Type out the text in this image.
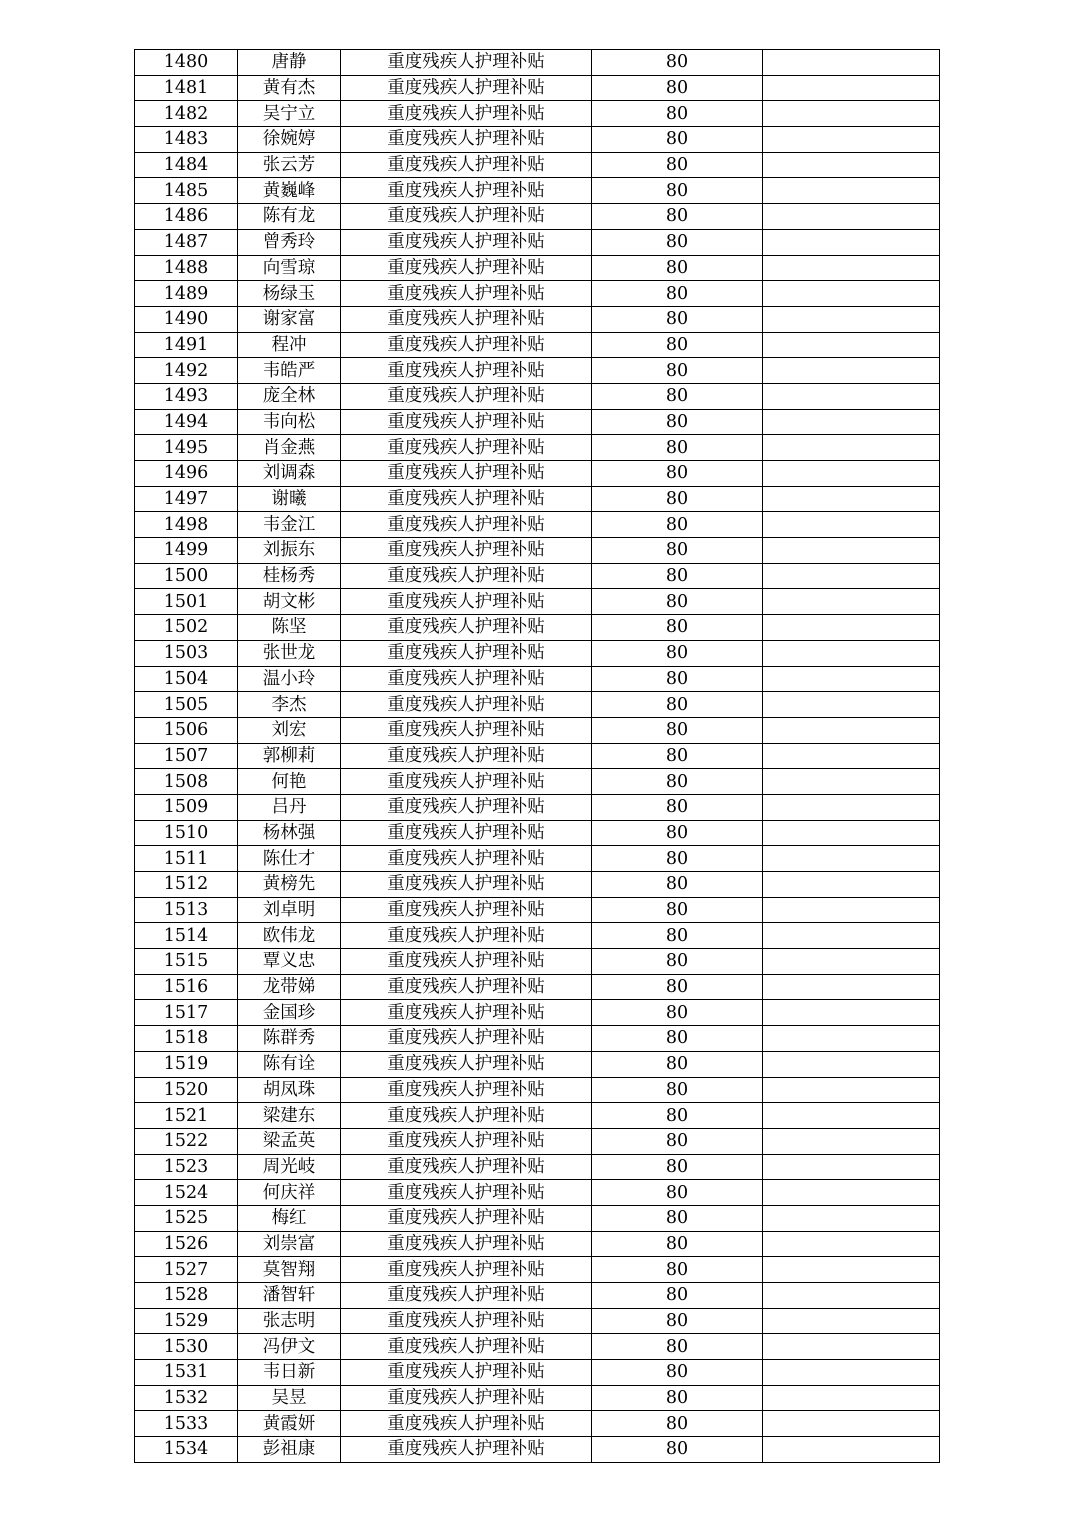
1480	唐静	重度残疾人护理补贴	80	
1481	黄有杰	重度残疾人护理补贴	80	
1482	吴宁立	重度残疾人护理补贴	80	
1483	徐婉婷	重度残疾人护理补贴	80	
1484	张云芳	重度残疾人护理补贴	80	
1485	黄巍峰	重度残疾人护理补贴	80	
1486	陈有龙	重度残疾人护理补贴	80	
1487	曾秀玲	重度残疾人护理补贴	80	
1488	向雪琼	重度残疾人护理补贴	80	
1489	杨绿玉	重度残疾人护理补贴	80	
1490	谢家富	重度残疾人护理补贴	80	
1491	程冲	重度残疾人护理补贴	80	
1492	韦皓严	重度残疾人护理补贴	80	
1493	庞全林	重度残疾人护理补贴	80	
1494	韦向松	重度残疾人护理补贴	80	
1495	肖金燕	重度残疾人护理补贴	80	
1496	刘调森	重度残疾人护理补贴	80	
1497	谢曦	重度残疾人护理补贴	80	
1498	韦金江	重度残疾人护理补贴	80	
1499	刘振东	重度残疾人护理补贴	80	
1500	桂杨秀	重度残疾人护理补贴	80	
1501	胡文彬	重度残疾人护理补贴	80	
1502	陈坚	重度残疾人护理补贴	80	
1503	张世龙	重度残疾人护理补贴	80	
1504	温小玲	重度残疾人护理补贴	80	
1505	李杰	重度残疾人护理补贴	80	
1506	刘宏	重度残疾人护理补贴	80	
1507	郭柳莉	重度残疾人护理补贴	80	
1508	何艳	重度残疾人护理补贴	80	
1509	吕丹	重度残疾人护理补贴	80	
1510	杨林强	重度残疾人护理补贴	80	
1511	陈仕才	重度残疾人护理补贴	80	
1512	黄榜先	重度残疾人护理补贴	80	
1513	刘卓明	重度残疾人护理补贴	80	
1514	欧伟龙	重度残疾人护理补贴	80	
1515	覃义忠	重度残疾人护理补贴	80	
1516	龙带娣	重度残疾人护理补贴	80	
1517	金国珍	重度残疾人护理补贴	80	
1518	陈群秀	重度残疾人护理补贴	80	
1519	陈有诠	重度残疾人护理补贴	80	
1520	胡凤珠	重度残疾人护理补贴	80	
1521	梁建东	重度残疾人护理补贴	80	
1522	梁孟英	重度残疾人护理补贴	80	
1523	周光岐	重度残疾人护理补贴	80	
1524	何庆祥	重度残疾人护理补贴	80	
1525	梅红	重度残疾人护理补贴	80	
1526	刘崇富	重度残疾人护理补贴	80	
1527	莫智翔	重度残疾人护理补贴	80	
1528	潘智轩	重度残疾人护理补贴	80	
1529	张志明	重度残疾人护理补贴	80	
1530	冯伊文	重度残疾人护理补贴	80	
1531	韦日新	重度残疾人护理补贴	80	
1532	吴昱	重度残疾人护理补贴	80	
1533	黄霞妍	重度残疾人护理补贴	80	
1534	彭祖康	重度残疾人护理补贴	80	
